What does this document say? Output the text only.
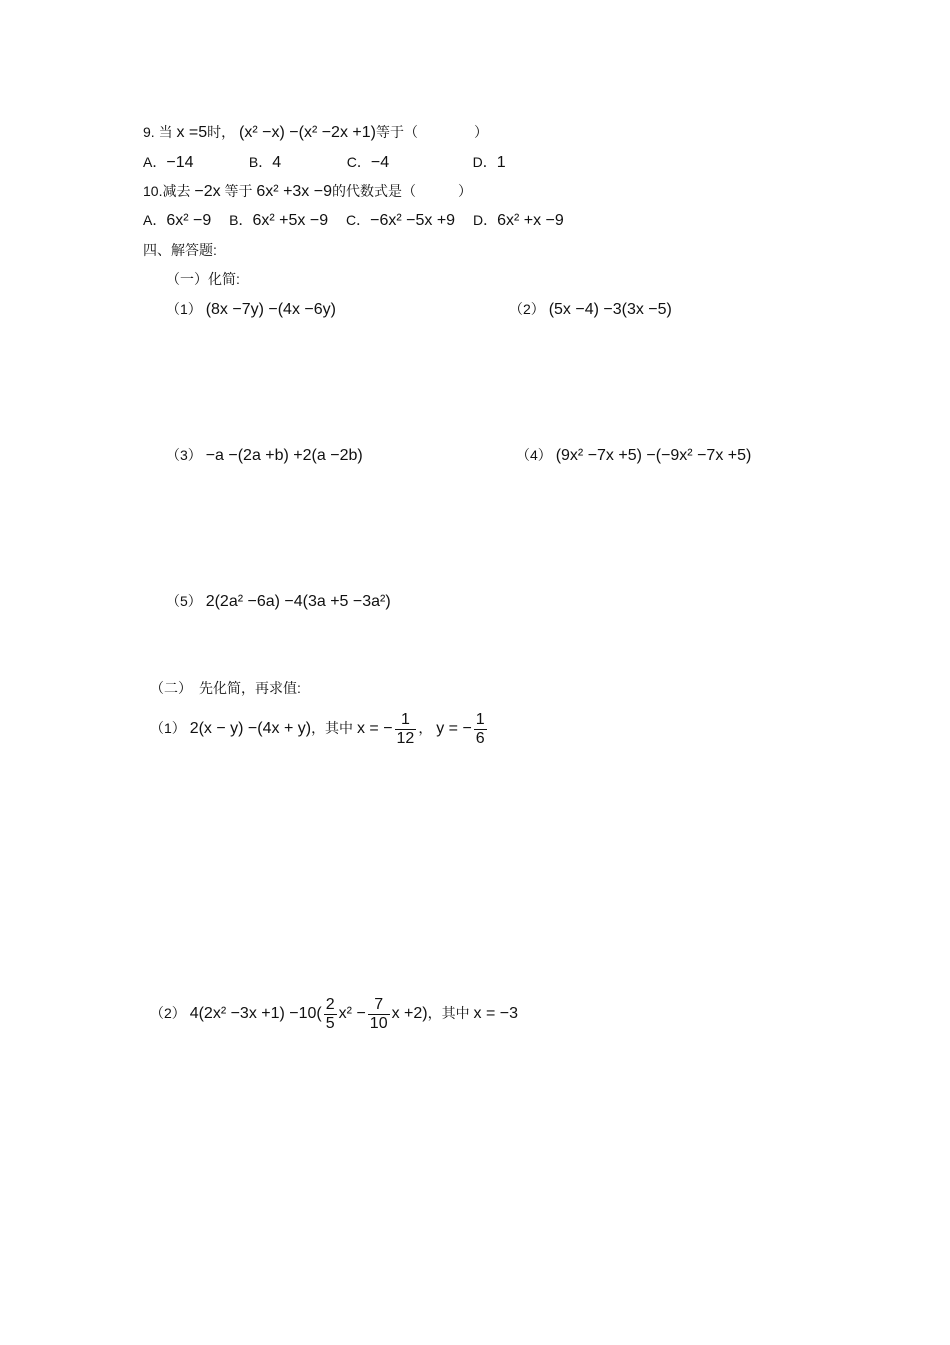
9. 当 x =5时， (x² −x) −(x² −2x +1)等于（　　　　）
A．−14	B．4	C．−4	D．1
10.减去 −2x 等于 6x² +3x −9的代数式是（　　　）
A．6x² −9 B．6x² +5x −9 C．−6x² −5x +9 D．6x² +x −9
四、解答题:
（一）化简:
（1） (8x −7y) −(4x −6y)	（2） (5x −4) −3(3x −5)
（3） −a −(2a +b) +2(a −2b)	（4） (9x² −7x +5) −(−9x² −7x +5)
（5） 2(2a² −6a) −4(3a +5 −3a²)
（二）　先化简，再求值:
（1） 2(x − y) −(4x + y)，其中 x = − $\frac{1}{12}$ ， y = − $\frac{1}{6}$
（2） $4(2x^2 -3x +1) -10( \frac{2}{5} x^2 - \frac{7}{10}$ x +2)，其中 x = −3
